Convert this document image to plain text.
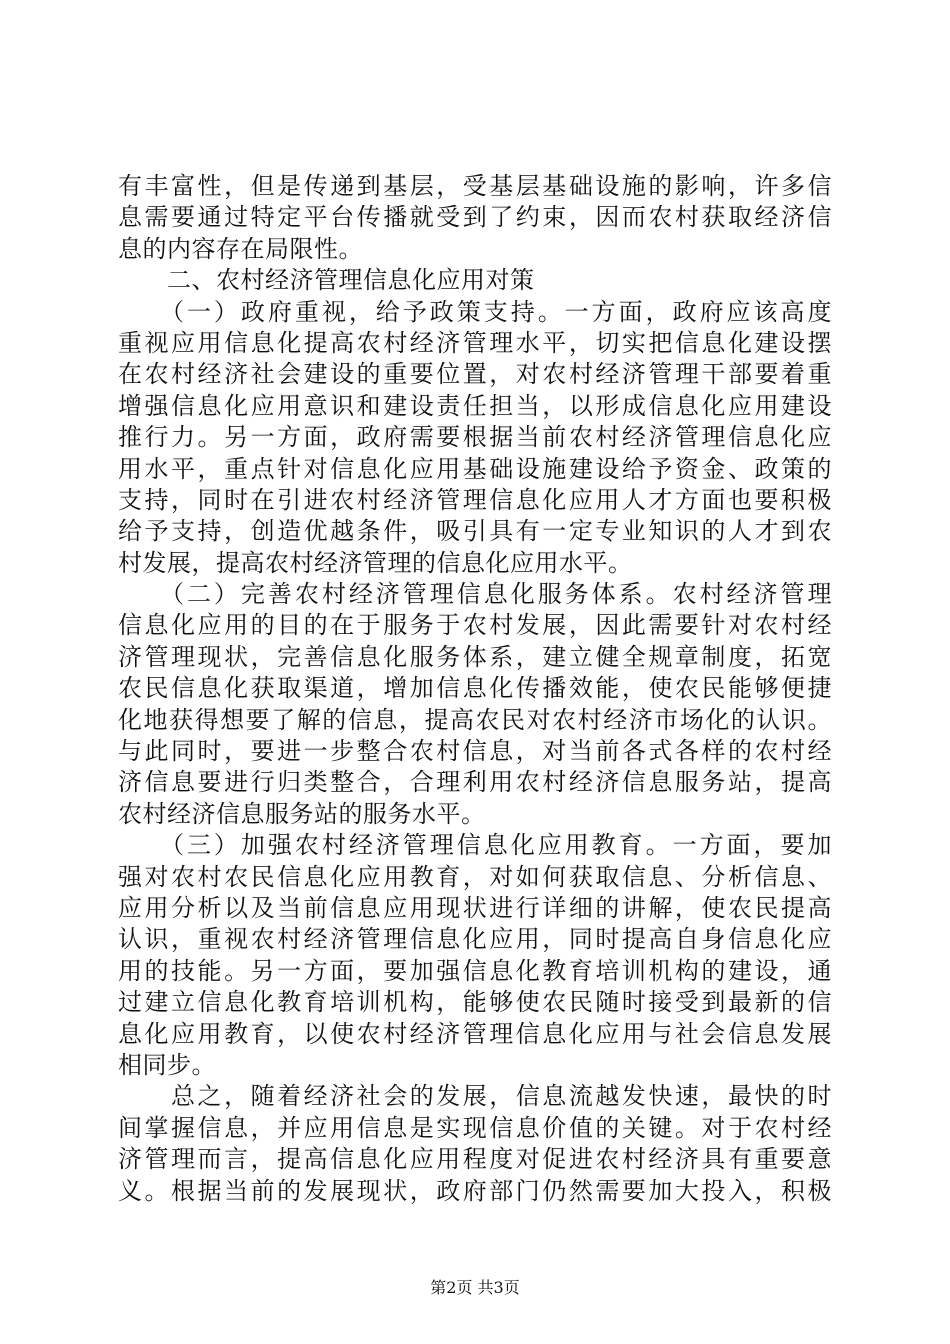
有丰富性，但是传递到基层，受基层基础设施的影响，许多信
息需要通过特定平台传播就受到了约束，因而农村获取经济信
息的内容存在局限性。
　　二、农村经济管理信息化应用对策
　　（一）政府重视，给予政策支持。一方面，政府应该高度
重视应用信息化提高农村经济管理水平，切实把信息化建设摆
在农村经济社会建设的重要位置，对农村经济管理干部要着重
增强信息化应用意识和建设责任担当，以形成信息化应用建设
推行力。另一方面，政府需要根据当前农村经济管理信息化应
用水平，重点针对信息化应用基础设施建设给予资金、政策的
支持，同时在引进农村经济管理信息化应用人才方面也要积极
给予支持，创造优越条件，吸引具有一定专业知识的人才到农
村发展，提高农村经济管理的信息化应用水平。
　　（二）完善农村经济管理信息化服务体系。农村经济管理
信息化应用的目的在于服务于农村发展，因此需要针对农村经
济管理现状，完善信息化服务体系，建立健全规章制度，拓宽
农民信息化获取渠道，增加信息化传播效能，使农民能够便捷
化地获得想要了解的信息，提高农民对农村经济市场化的认识。
与此同时，要进一步整合农村信息，对当前各式各样的农村经
济信息要进行归类整合，合理利用农村经济信息服务站，提高
农村经济信息服务站的服务水平。
　　（三）加强农村经济管理信息化应用教育。一方面，要加
强对农村农民信息化应用教育，对如何获取信息、分析信息、
应用分析以及当前信息应用现状进行详细的讲解，使农民提高
认识，重视农村经济管理信息化应用，同时提高自身信息化应
用的技能。另一方面，要加强信息化教育培训机构的建设，通
过建立信息化教育培训机构，能够使农民随时接受到最新的信
息化应用教育，以使农村经济管理信息化应用与社会信息发展
相同步。
　　总之，随着经济社会的发展，信息流越发快速，最快的时
间掌握信息，并应用信息是实现信息价值的关键。对于农村经
济管理而言，提高信息化应用程度对促进农村经济具有重要意
义。根据当前的发展现状，政府部门仍然需要加大投入，积极
第2页 共3页
